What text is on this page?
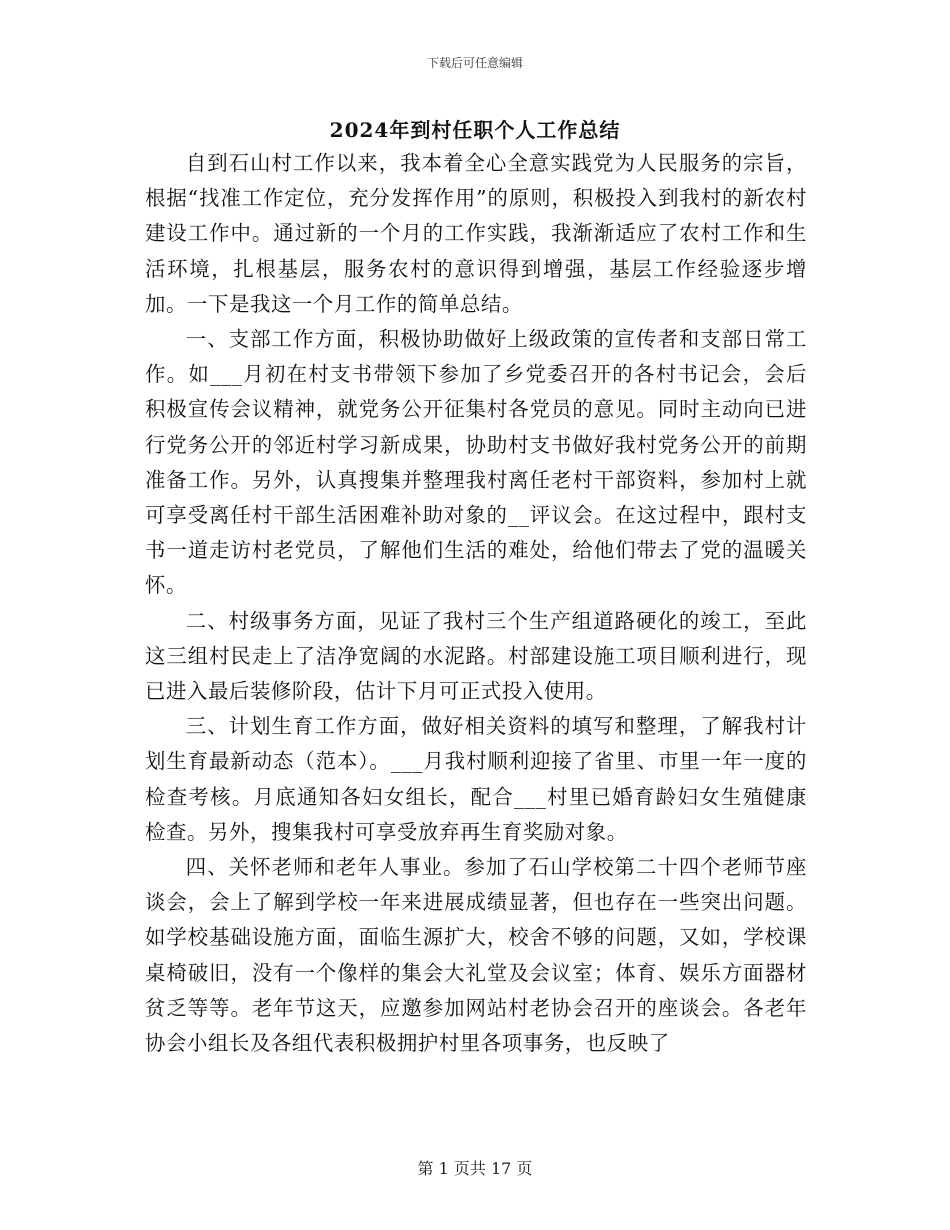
下载后可任意编辑
2024年到村任职个人工作总结

自到石山村工作以来，我本着全心全意实践党为人民服务的宗旨，根据“找准工作定位，充分发挥作用”的原则，积极投入到我村的新农村建设工作中。通过新的一个月的工作实践，我渐渐适应了农村工作和生活环境，扎根基层，服务农村的意识得到增强，基层工作经验逐步增加。一下是我这一个月工作的简单总结。

一、支部工作方面，积极协助做好上级政策的宣传者和支部日常工作。如___月初在村支书带领下参加了乡党委召开的各村书记会，会后积极宣传会议精神，就党务公开征集村各党员的意见。同时主动向已进行党务公开的邻近村学习新成果，协助村支书做好我村党务公开的前期准备工作。另外，认真搜集并整理我村离任老村干部资料，参加村上就可享受离任村干部生活困难补助对象的__评议会。在这过程中，跟村支书一道走访村老党员，了解他们生活的难处，给他们带去了党的温暖关怀。

二、村级事务方面，见证了我村三个生产组道路硬化的竣工，至此这三组村民走上了洁净宽阔的水泥路。村部建设施工项目顺利进行，现已进入最后装修阶段，估计下月可正式投入使用。

三、计划生育工作方面，做好相关资料的填写和整理，了解我村计划生育最新动态（范本）。___月我村顺利迎接了省里、市里一年一度的检查考核。月底通知各妇女组长，配合___村里已婚育龄妇女生殖健康检查。另外，搜集我村可享受放弃再生育奖励对象。

四、关怀老师和老年人事业。参加了石山学校第二十四个老师节座谈会，会上了解到学校一年来进展成绩显著，但也存在一些突出问题。如学校基础设施方面，面临生源扩大，校舍不够的问题，又如，学校课桌椅破旧，没有一个像样的集会大礼堂及会议室；体育、娱乐方面器材贫乏等等。老年节这天，应邀参加网站村老协会召开的座谈会。各老年协会小组长及各组代表积极拥护村里各项事务，也反映了

第 1 页共 17 页
